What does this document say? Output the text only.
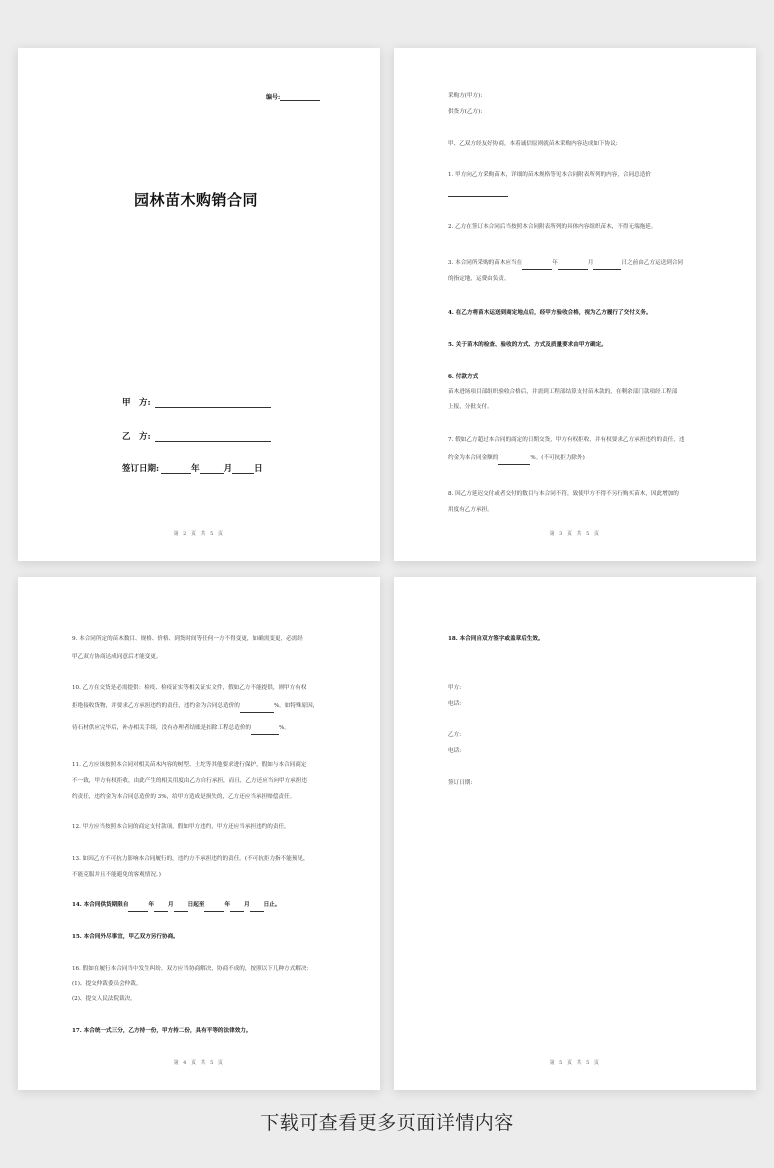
编号:
园林苗木购销合同
甲　方:
乙　方:
签订日期:	年	月	日
第 2 页 共 5 页
采购方(甲方):
供货方(乙方):
甲、乙双方经友好协商，本着诚信原则就苗木采购内容达成如下协议:
1. 甲方向乙方采购苗木，详细的苗木规格等见本合同附表所列的内容，合同总造价
2. 乙方在签订本合同后当按照本合同附表所列的具体内容组织苗木，不得无端拖延。
3. 本合同所采购的苗木应当在	年	月	日之前由乙方运送到合同
的指定地，运费由负责。
4. 在乙方将苗木运送到商定地点后，经甲方验收合格，视为乙方履行了交付义务。
5. 关于苗木的检查、验收的方式、方式及质量要求由甲方确定。
6. 付款方式
苗木进场项目部组织验收合格后，并需到工程部结算支付苗木款的，在剩余部门款项经工程部
上报，分批支付。
7. 假如乙方超过本合同的商定的日期交货，甲方有权拒收，并有权要求乙方承担违约的责任，违
约金为本合同金额的	%。(不可抗拒力除外)
8. 因乙方延迟交付或者交付的数目与本合同不符，致使甲方不得不另行购买苗木，因此增加的
用度有乙方承担。
第 3 页 共 5 页
9. 本合同所定的苗木数目、规格、价格、到货时间等任何一方不得变更，如确需变更，必需经
甲乙双方协商达成同意后才能变更。
10. 乙方在交货是必需提供：检疫、检疫证实等相关证实文件，假如乙方不能提供，则甲方有权
拒绝接收货物，并要求乙方承担违约的责任，违约金为合同总造价的	%，如特殊原因，
待石材供应完毕后，补办相关手续，没有办理者结账是扣除工程总造价的	%。
11. 乙方应该按照本合同对相关苗木内容的树型、土坨等其他要求进行保护，假如与本合同商定
不一致，甲方有权拒收，由此产生的相关用度由乙方自行承担，而且，乙方还应当向甲方承担违
约责任，违约金为本合同总造价的 3%，给甲方造成是损失的，乙方还应当承担赔偿责任。
12. 甲方应当按照本合同的商定支付款项，假如甲方违约，甲方还应当承担违约的责任。
13. 如因乙方不可抗力影响本合同履行的，违约方不承担违约的责任。(不可抗拒力指不能预见，
不能克服并且不能避免的客观情况。)
14. 本合同供货期限自	年	月	日起至	年	月	日止。
15. 本合同外尽事宜，甲乙双方另行协商。
16. 假如在履行本合同当中发生纠纷，双方应当协商解决，协商不成的，按照以下几种方式解决：
(1)、提交仲裁委员会仲裁。
(2)、提交人民法院裁决。
17. 本合统一式三分，乙方持一份，甲方持二份，具有平等的法律效力。
第 4 页 共 5 页
18. 本合同自双方签字或盖章后生效。
甲方:
电话:
乙方:
电话:
签订日期:
第 5 页 共 5 页
下载可查看更多页面详情内容
